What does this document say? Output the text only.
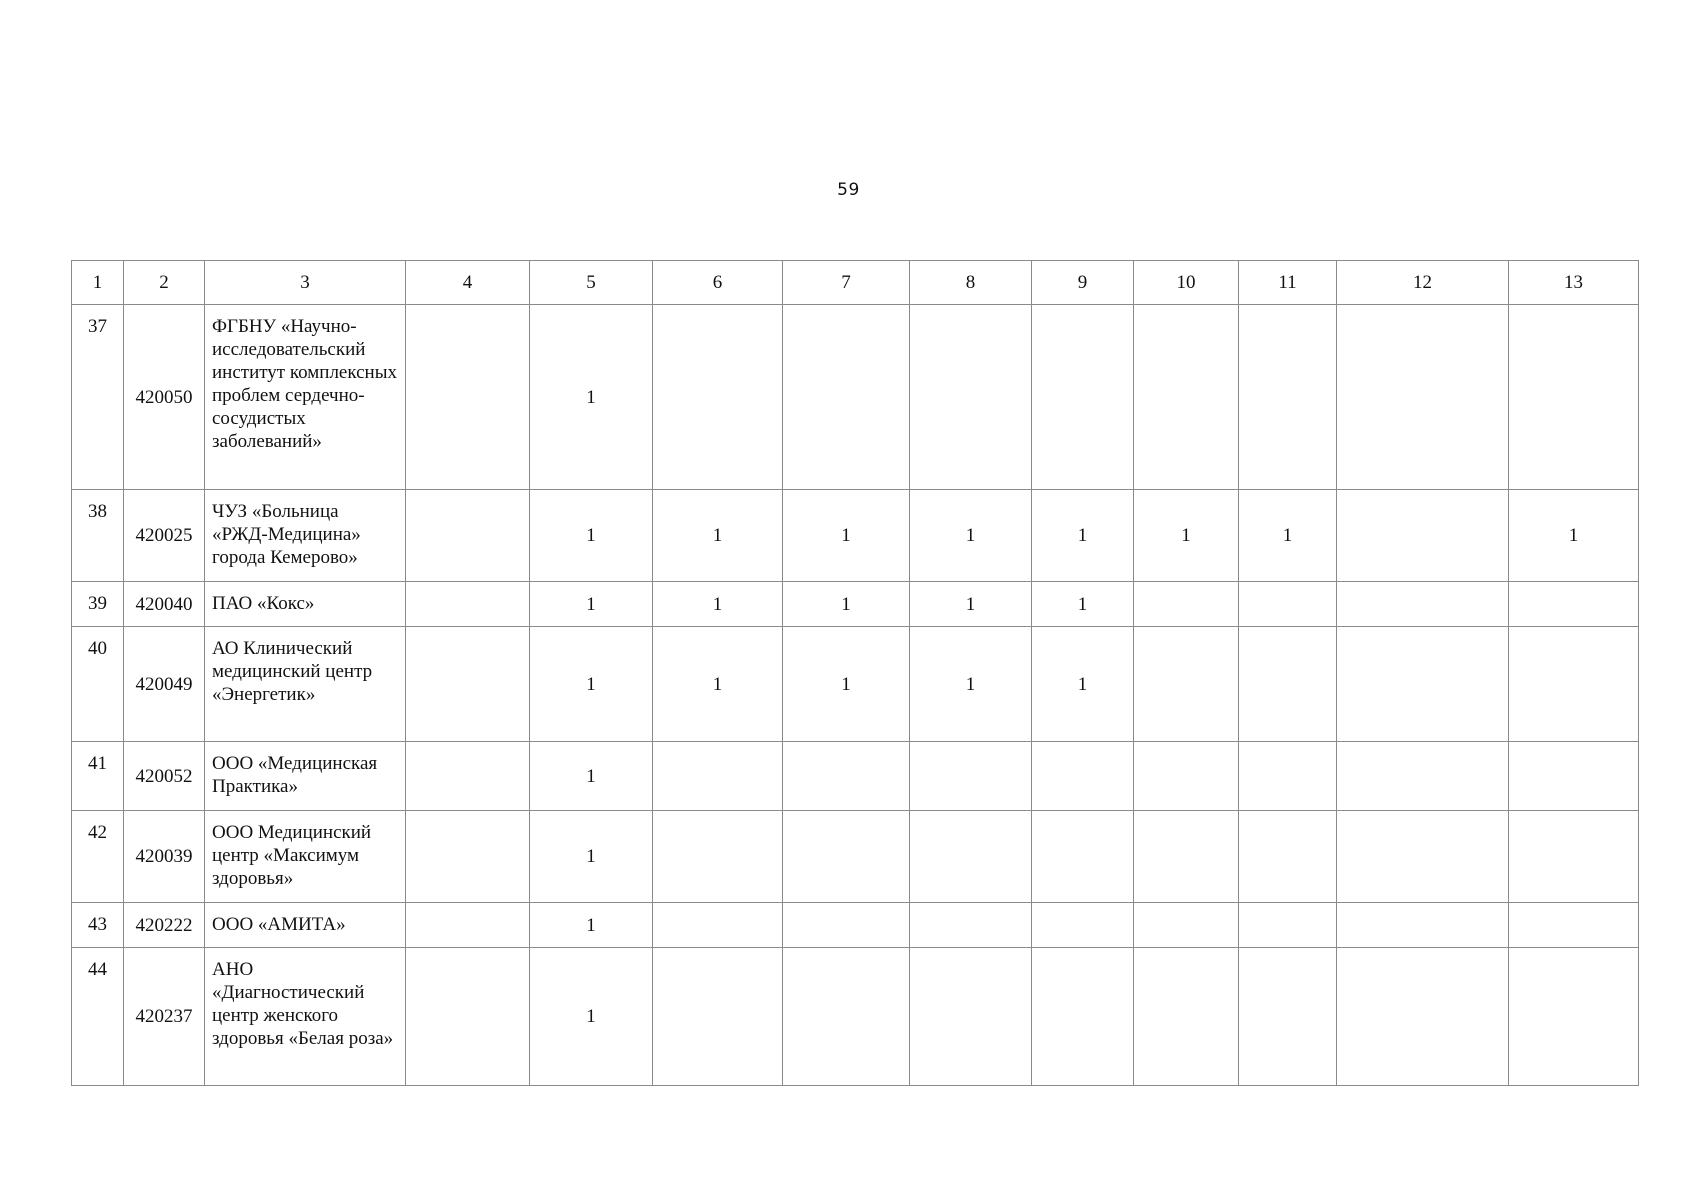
59
1	2	3	4	5	6	7	8	9	10	11	12	13
37	420050	ФГБНУ «Научно-исследовательский институт комплексных проблем сердечно-сосудистых заболеваний»		1								
38	420025	ЧУЗ «Больница «РЖД-Медицина» города Кемерово»		1	1	1	1	1	1	1		1
39	420040	ПАО «Кокс»		1	1	1	1	1				
40	420049	АО Клинический медицинский центр «Энергетик»		1	1	1	1	1				
41	420052	ООО «Медицинская Практика»		1								
42	420039	ООО Медицинский центр «Максимум здоровья»		1								
43	420222	ООО «АМИТА»		1								
44	420237	АНО «Диагностический центр женского здоровья «Белая роза»		1								
